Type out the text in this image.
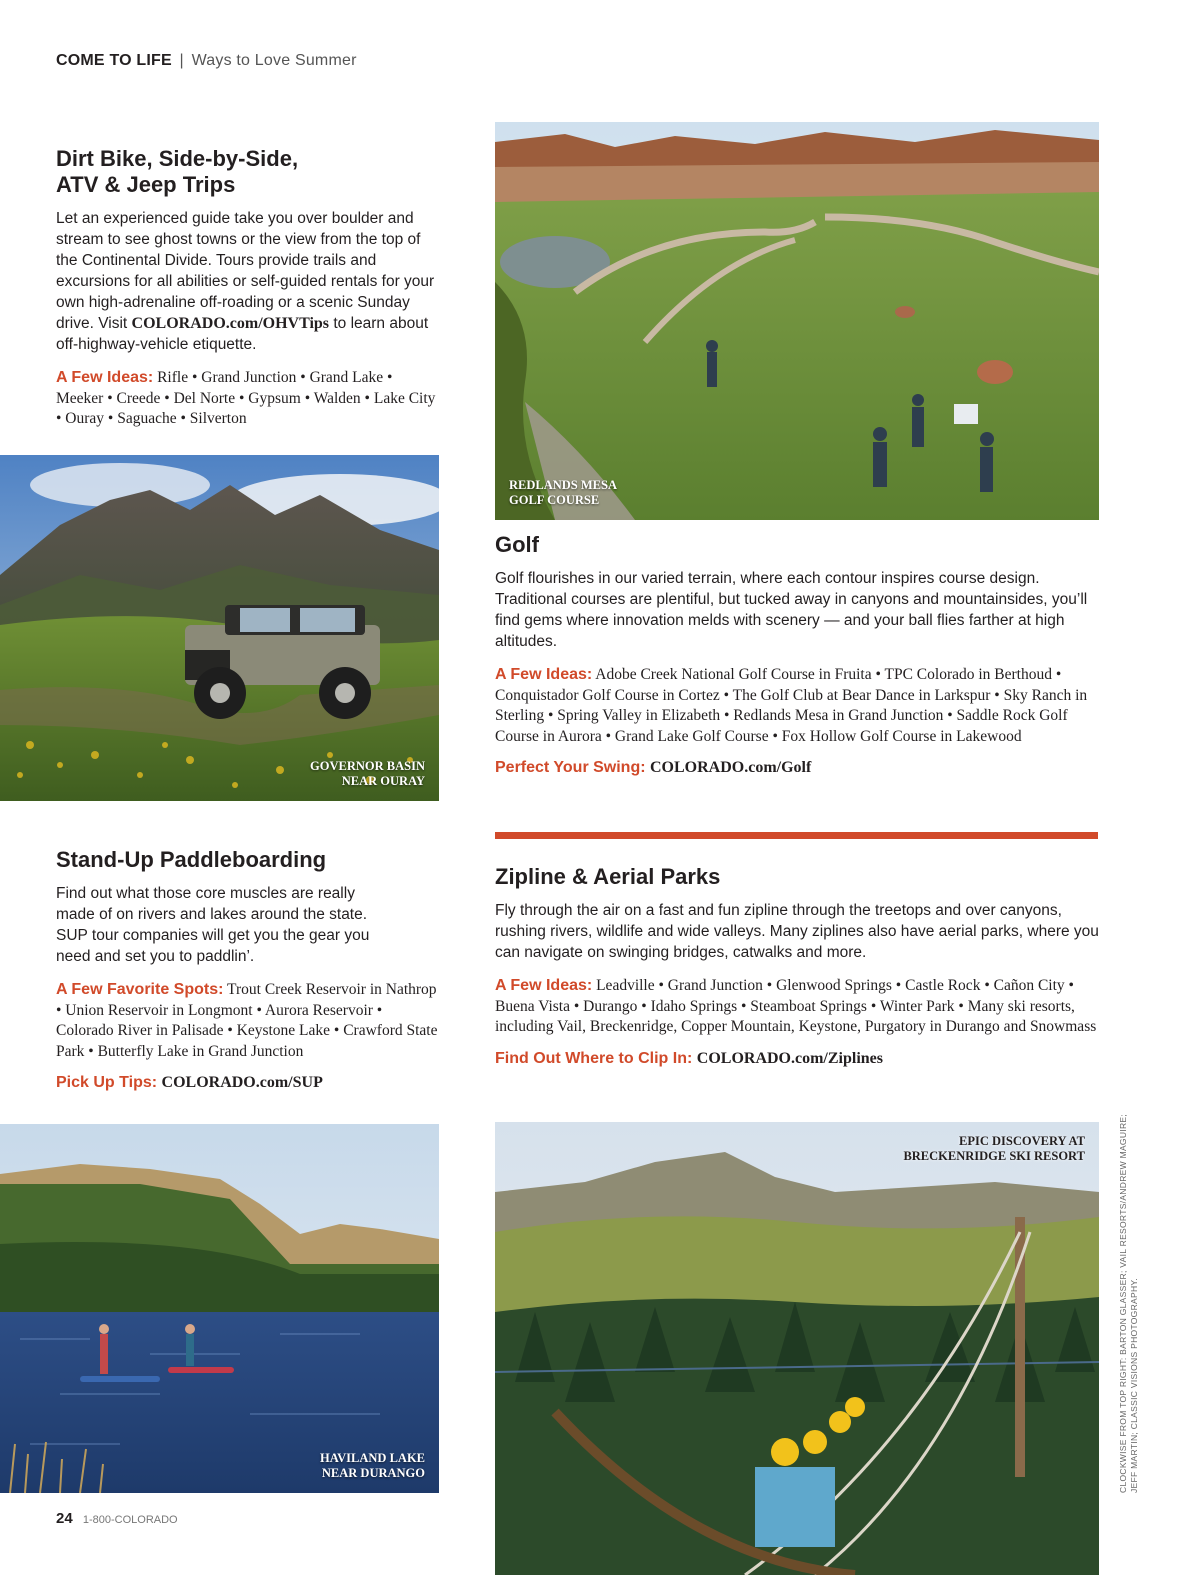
COME TO LIFE | Ways to Love Summer
Dirt Bike, Side-by-Side,
ATV & Jeep Trips

Let an experienced guide take you over boulder and stream to see ghost towns or the view from the top of the Continental Divide. Tours provide trails and excursions for all abilities or self-guided rentals for your own high-adrenaline off-roading or a scenic Sunday drive. Visit COLORADO.com/OHVTips to learn about off-highway-vehicle etiquette.

A Few Ideas: Rifle • Grand Junction • Grand Lake • Meeker • Creede • Del Norte • Gypsum • Walden • Lake City • Ouray • Saguache • Silverton

GOVERNOR BASIN
NEAR OURAY
REDLANDS MESA
GOLF COURSE
Golf

Golf flourishes in our varied terrain, where each contour inspires course design. Traditional courses are plentiful, but tucked away in canyons and mountainsides, you’ll find gems where innovation melds with scenery — and your ball flies farther at high altitudes.

A Few Ideas: Adobe Creek National Golf Course in Fruita • TPC Colorado in Berthoud • Conquistador Golf Course in Cortez • The Golf Club at Bear Dance in Larkspur • Sky Ranch in Sterling • Spring Valley in Elizabeth • Redlands Mesa in Grand Junction • Saddle Rock Golf Course in Aurora • Grand Lake Golf Course • Fox Hollow Golf Course in Lakewood

Perfect Your Swing: COLORADO.com/Golf

Stand-Up Paddleboarding

Find out what those core muscles are really made of on rivers and lakes around the state. SUP tour companies will get you the gear you need and set you to paddlin’.

A Few Favorite Spots: Trout Creek Reservoir in Nathrop • Union Reservoir in Longmont • Aurora Reservoir • Colorado River in Palisade • Keystone Lake • Crawford State Park • Butterfly Lake in Grand Junction

Pick Up Tips: COLORADO.com/SUP

Zipline & Aerial Parks

Fly through the air on a fast and fun zipline through the treetops and over canyons, rushing rivers, wildlife and wide valleys. Many ziplines also have aerial parks, where you can navigate on swinging bridges, catwalks and more.

A Few Ideas: Leadville • Grand Junction • Glenwood Springs • Castle Rock • Cañon City • Buena Vista • Durango • Idaho Springs • Steamboat Springs • Winter Park • Many ski resorts, including Vail, Breckenridge, Copper Mountain, Keystone, Purgatory in Durango and Snowmass

Find Out Where to Clip In: COLORADO.com/Ziplines

HAVILAND LAKE
NEAR DURANGO
EPIC DISCOVERY AT
BRECKENRIDGE SKI RESORT	CLOCKWISE FROM TOP RIGHT: BARTON GLASSER; VAIL RESORTS/ANDREW MAGUIRE; JEFF MARTIN; CLASSIC VISIONS PHOTOGRAPHY.
24 1-800-COLORADO
